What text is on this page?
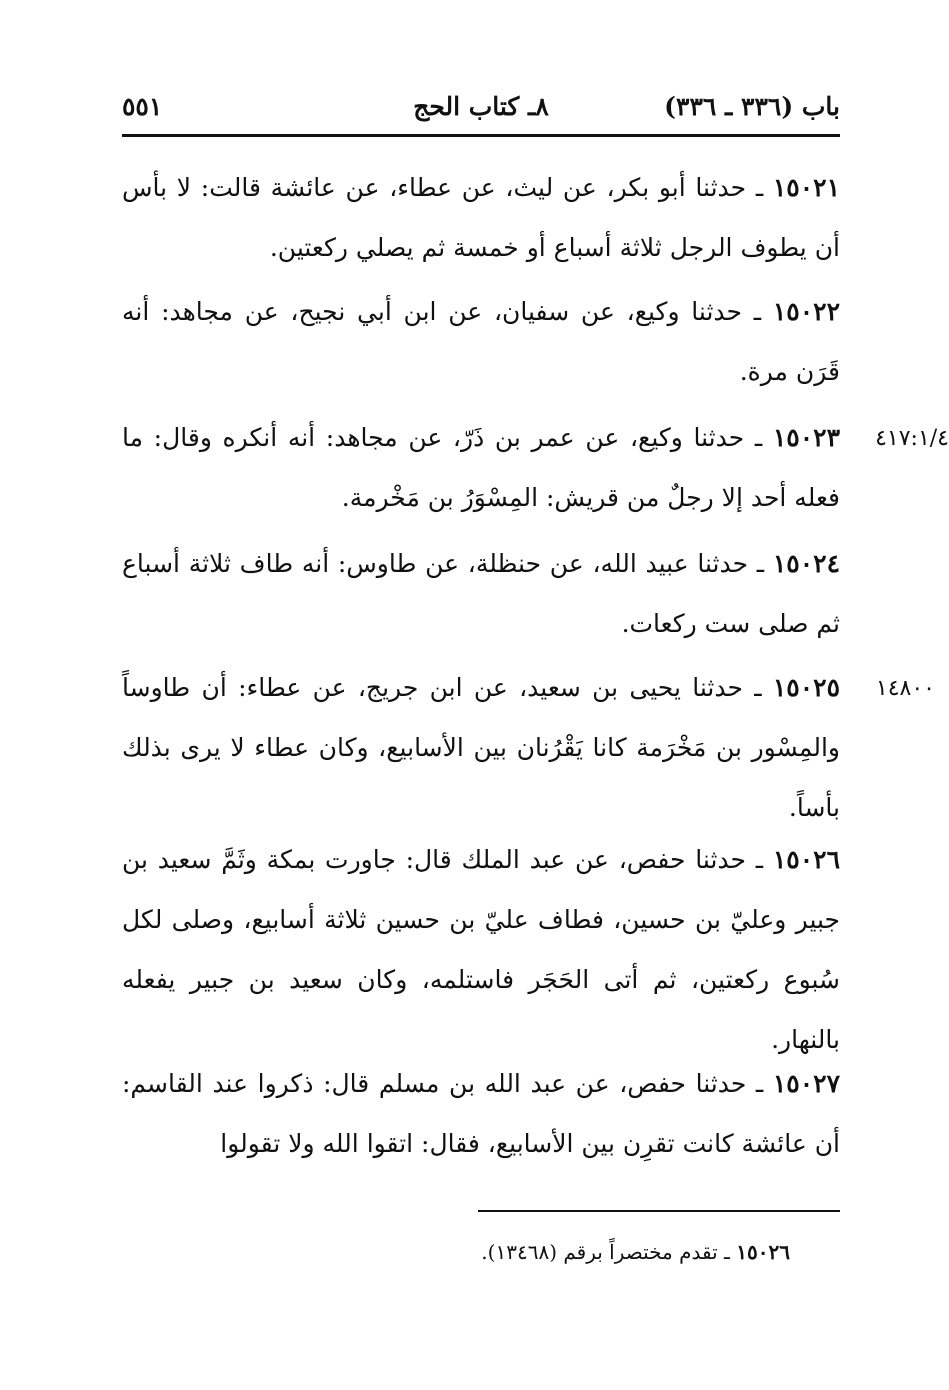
باب (٣٣٦ ـ ٣٣٦)
٨ـ كتاب الحج
٥٥١
١٥٠٢١ ـ حدثنا أبو بكر، عن ليث، عن عطاء، عن عائشة قالت: لا بأس أن يطوف الرجل ثلاثة أسباع أو خمسة ثم يصلي ركعتين.
١٥٠٢٢ ـ حدثنا وكيع، عن سفيان، عن ابن أبي نجيح، عن مجاهد: أنه قَرَن مرة.
١٥٠٢٣ ـ حدثنا وكيع، عن عمر بن ذَرّ، عن مجاهد: أنه أنكره وقال: ما فعله أحد إلا رجلٌ من قريش: المِسْوَرُ بن مَخْرمة.
١٥٠٢٤ ـ حدثنا عبيد الله، عن حنظلة، عن طاوس: أنه طاف ثلاثة أسباع ثم صلى ست ركعات.
١٥٠٢٥ ـ حدثنا يحيى بن سعيد، عن ابن جريج، عن عطاء: أن طاوساً والمِسْور بن مَخْرَمة كانا يَقْرُنان بين الأسابيع، وكان عطاء لا يرى بذلك بأساً.
١٥٠٢٦ ـ حدثنا حفص، عن عبد الملك قال: جاورت بمكة وثَمَّ سعيد بن جبير وعليّ بن حسين، فطاف عليّ بن حسين ثلاثة أسابيع، وصلى لكل سُبوع ركعتين، ثم أتى الحَجَر فاستلمه، وكان سعيد بن جبير يفعله بالنهار.
١٥٠٢٧ ـ حدثنا حفص، عن عبد الله بن مسلم قال: ذكروا عند القاسم: أن عائشة كانت تقرِن بين الأسابيع، فقال: اتقوا الله ولا تقولوا
٤١٧:١/٤
١٤٨٠٠
١٥٠٢٦ ـ تقدم مختصراً برقم (١٣٤٦٨).
